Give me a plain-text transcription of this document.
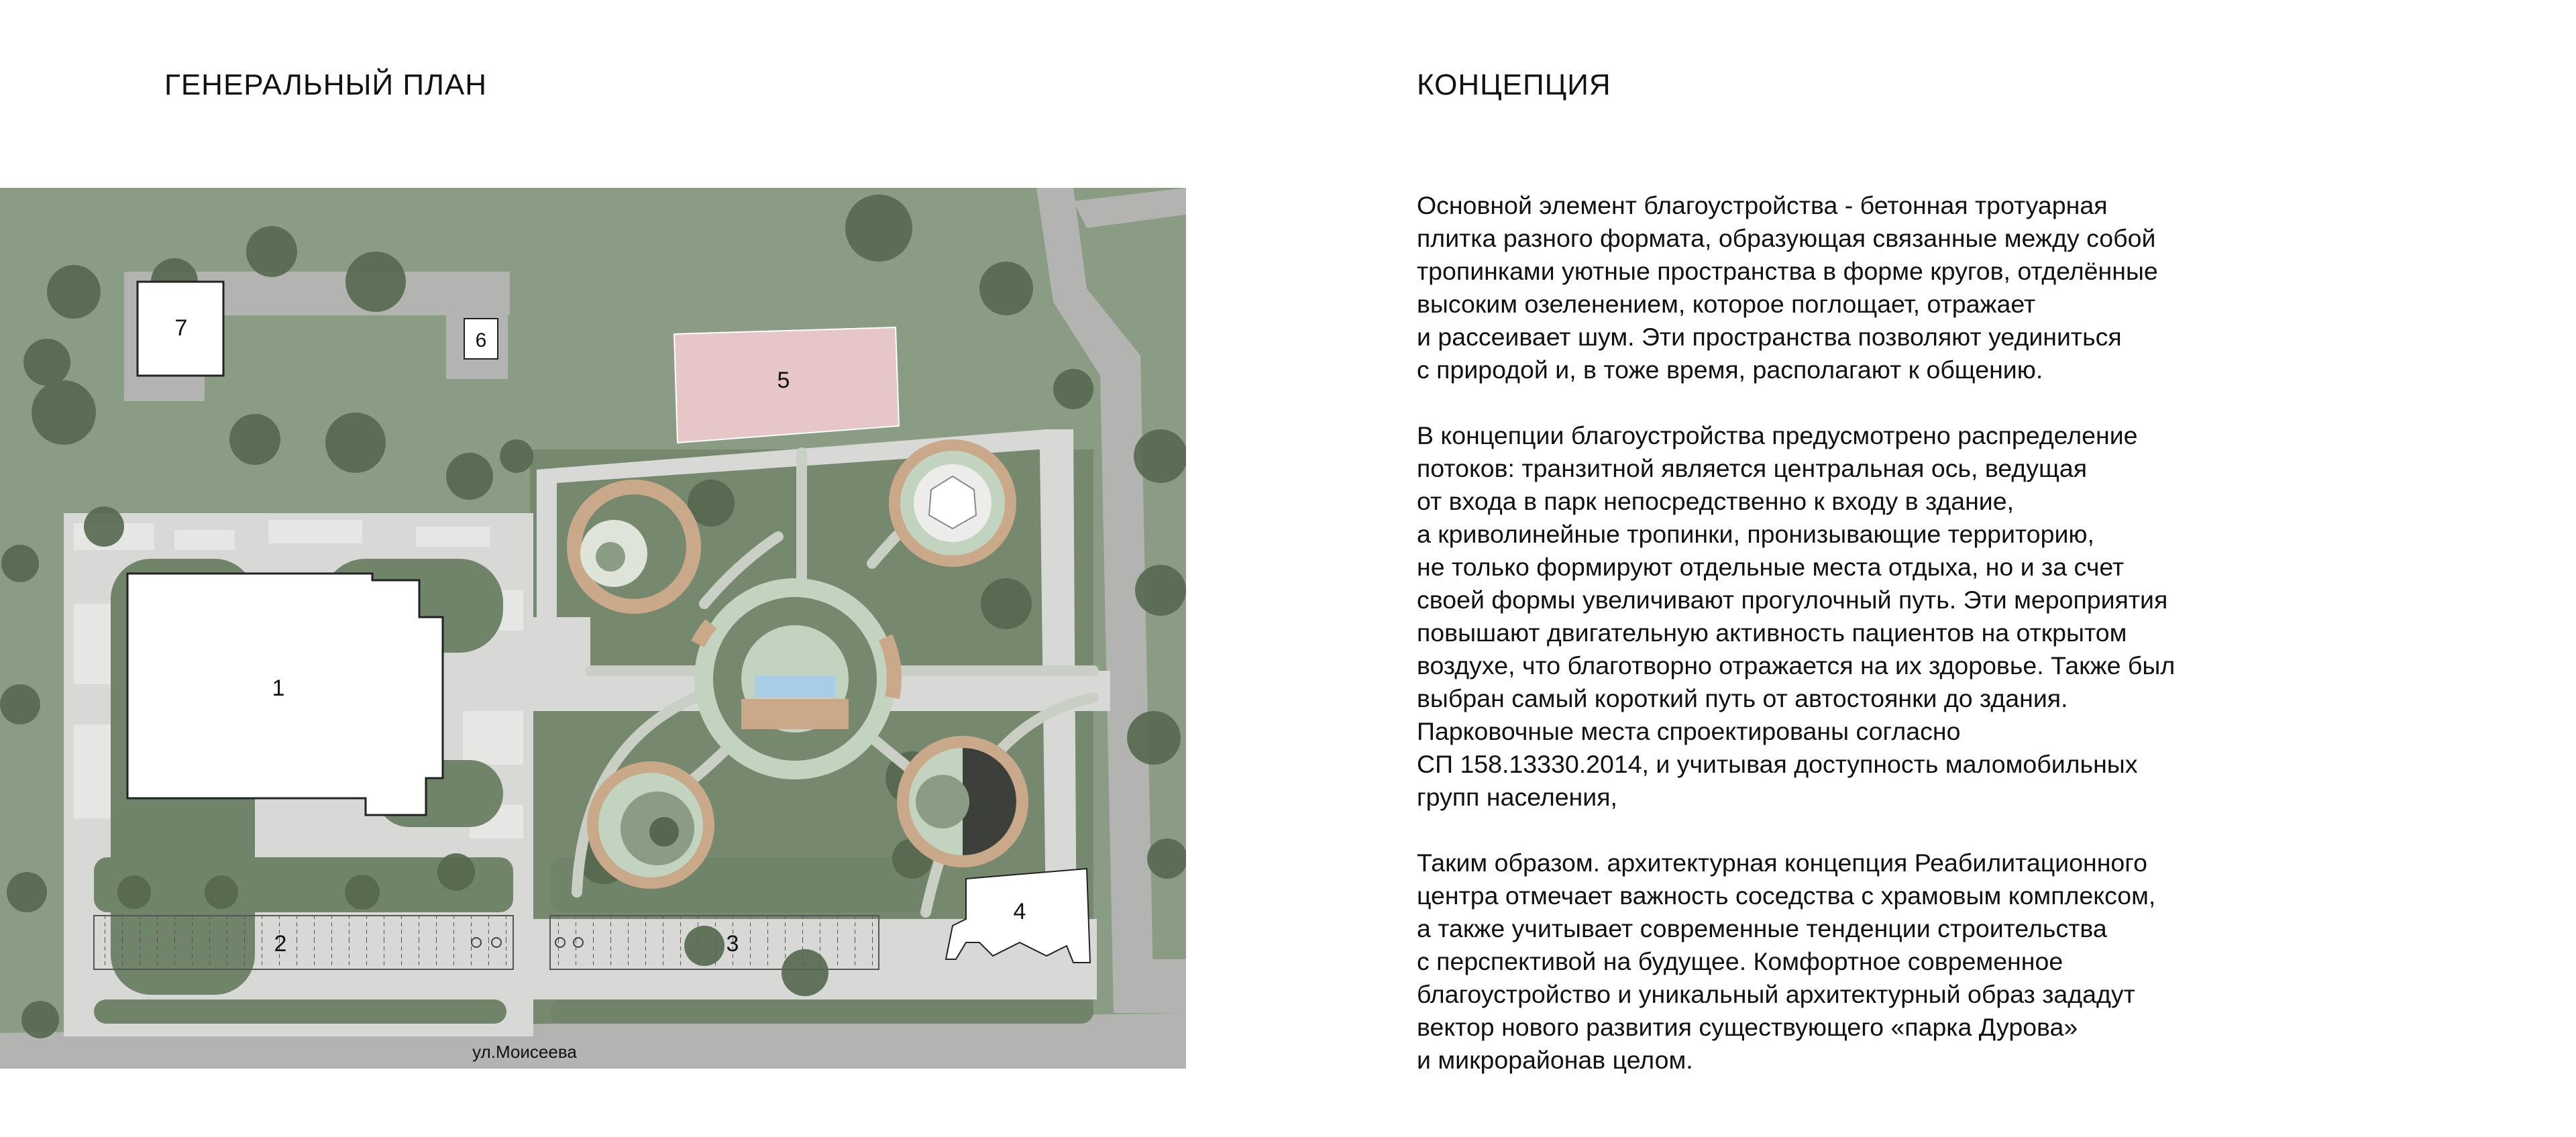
ГЕНЕРАЛЬНЫЙ ПЛАН	КОНЦЕПЦИЯ
1
2	3
4
5
6
7
ул.Моисеева

Основной элемент благоустройства - бетонная тротуарная
плитка разного формата, образующая связанные между собой
тропинками уютные пространства в форме кругов, отделённые
высоким озеленением, которое поглощает, отражает
и рассеивает шум. Эти пространства позволяют уединиться
с природой и, в тоже время, располагают к общению.

В концепции благоустройства предусмотрено распределение
потоков: транзитной является центральная ось, ведущая
от входа в парк непосредственно к входу в здание,
а криволинейные тропинки, пронизывающие территорию,
не только формируют отдельные места отдыха, но и за счет
своей формы увеличивают прогулочный путь. Эти мероприятия
повышают двигательную активность пациентов на открытом
воздухе, что благотворно отражается на их здоровье. Также был
выбран самый короткий путь от автостоянки до здания.
Парковочные места спроектированы согласно
СП 158.13330.2014, и учитывая доступность маломобильных
групп населения,

Таким образом. архитектурная концепция Реабилитационного
центра отмечает важность соседства с храмовым комплексом,
а также учитывает современные тенденции строительства
с перспективой на будущее. Комфортное современное
благоустройство и уникальный архитектурный образ зададут
вектор нового развития существующего «парка Дурова»
и микрорайонав целом.
